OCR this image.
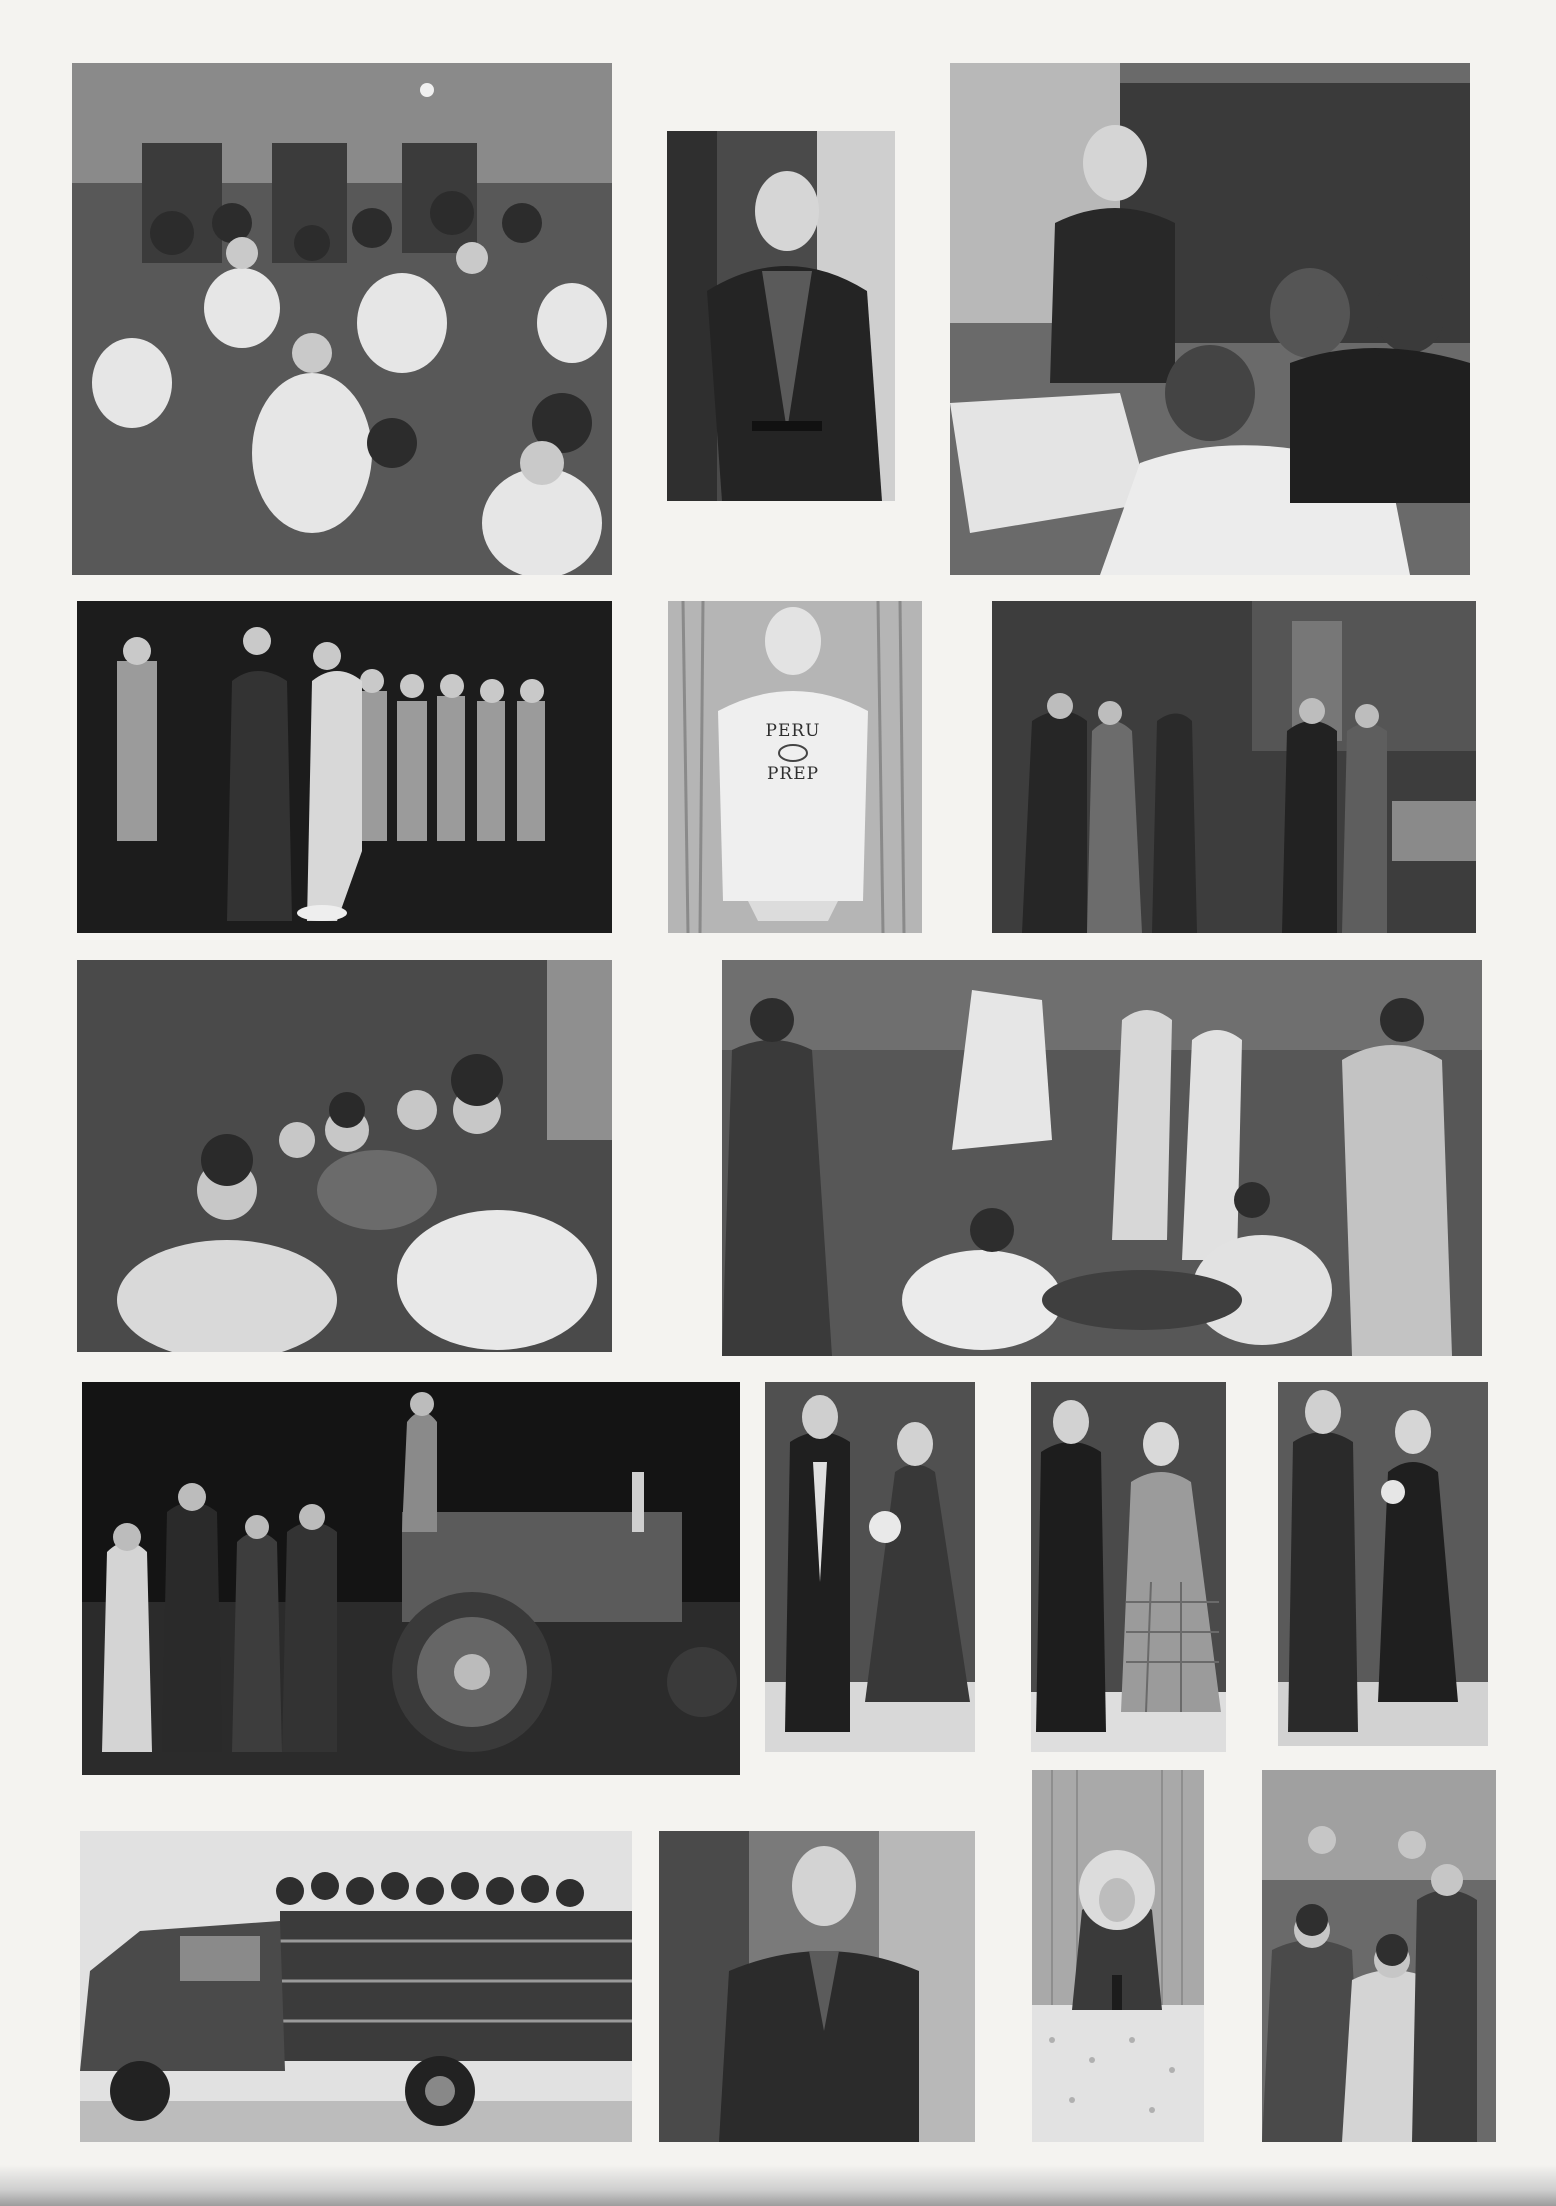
PERU
PREP
